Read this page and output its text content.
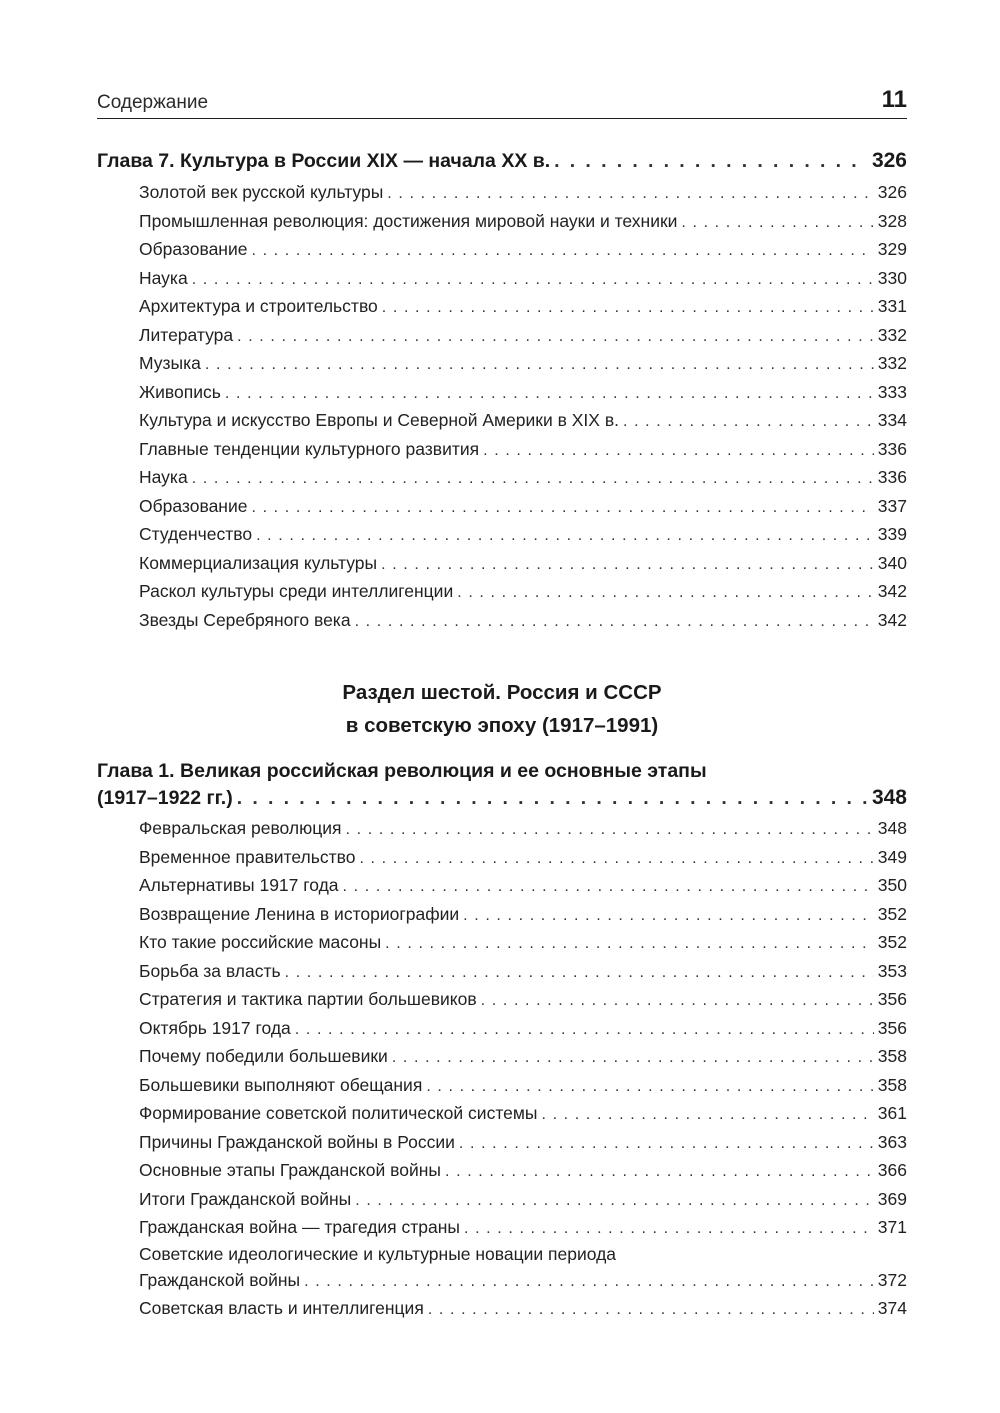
Содержание	11
Глава 7. Культура в России XIX — начала XX в. . . .	326
Золотой век русской культуры . . .	326
Промышленная революция: достижения мировой науки и техники . . .	328
Образование . . .	329
Наука . . .	330
Архитектура и строительство . . .	331
Литература . . .	332
Музыка . . .	332
Живопись . . .	333
Культура и искусство Европы и Северной Америки в XIX в. . . .	334
Главные тенденции культурного развития . . .	336
Наука . . .	336
Образование . . .	337
Студенчество . . .	339
Коммерциализация культуры . . .	340
Раскол культуры среди интеллигенции . . .	342
Звезды Серебряного века . . .	342
Раздел шестой. Россия и СССР
в советскую эпоху (1917–1991)
Глава 1. Великая российская революция и ее основные этапы
(1917–1922 гг.) . . .	348
Февральская революция . . .	348
Временное правительство . . .	349
Альтернативы 1917 года . . .	350
Возвращение Ленина в историографии . . .	352
Кто такие российские масоны . . .	352
Борьба за власть . . .	353
Стратегия и тактика партии большевиков . . .	356
Октябрь 1917 года . . .	356
Почему победили большевики . . .	358
Большевики выполняют обещания . . .	358
Формирование советской политической системы . . .	361
Причины Гражданской войны в России . . .	363
Основные этапы Гражданской войны . . .	366
Итоги Гражданской войны . . .	369
Гражданская война — трагедия страны . . .	371
Советские идеологические и культурные новации периода
Гражданской войны . . .	372
Советская власть и интеллигенция . . .	374
